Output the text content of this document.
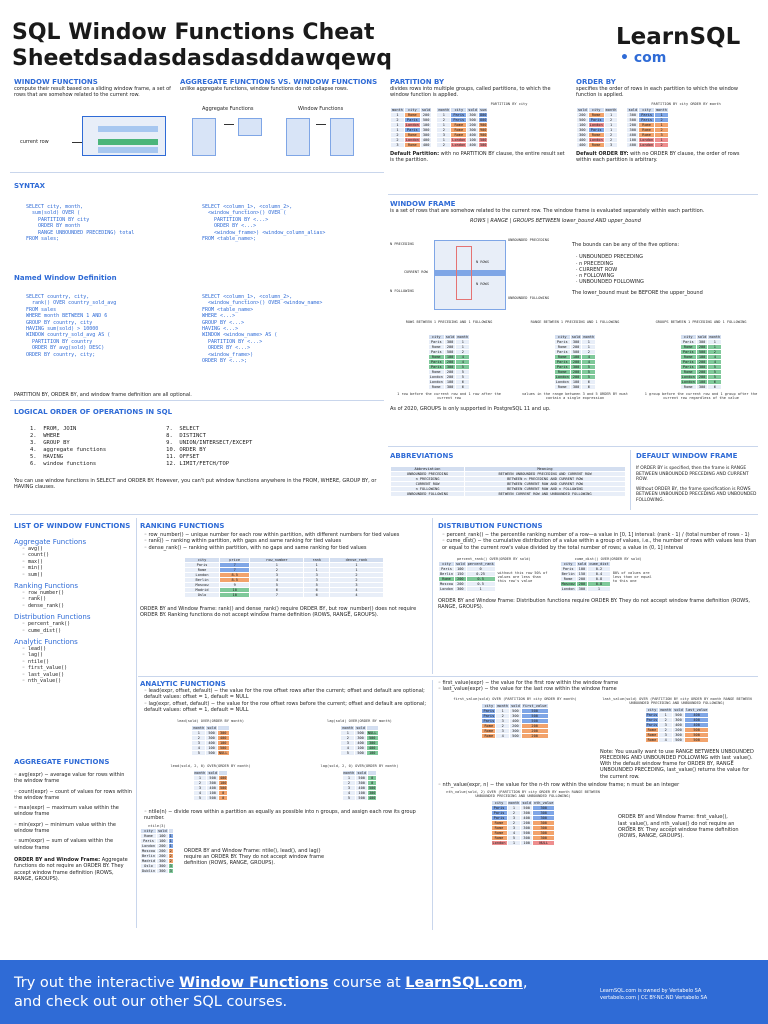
SQL Window Functions Cheat
Sheetdsadasdasdasddawqewq
LearnSQL
• com
WINDOW FUNCTIONS
compute their result based on a sliding window frame, a set of rows that are somehow related to the current row.
current row
AGGREGATE FUNCTIONS VS. WINDOW FUNCTIONS
unlike aggregate functions, window functions do not collapse rows.
Aggregate Functions	Window Functions
PARTITION BY
divides rows into multiple groups, called partitions, to which the window function is applied.
PARTITION BY city
month	city	sold
1	Rome	200
2	Paris	500
1	London	100
1	Paris	300
2	Rome	300
2	London	400
3	Rome	400
month	city	sold	sum
1	Paris	300	800
2	Paris	500	800
1	Rome	200	900
2	Rome	300	900
3	Rome	400	900
1	London	100	500
2	London	400	500
Default Partition: with no PARTITION BY clause, the entire result set is the partition.
ORDER BY
specifies the order of rows in each partition to which the window function is applied.
PARTITION BY city ORDER BY month
sold	city	month
200	Rome	1
500	Paris	2
100	London	1
300	Paris	1
300	Rome	2
400	London	2
400	Rome	3
sold	city	month
300	Paris	1
500	Paris	2
200	Rome	1
300	Rome	2
400	Rome	3
100	London	1
400	London	2
Default ORDER BY: with no ORDER BY clause, the order of rows within each partition is arbitrary.
SYNTAX
SELECT city, month,
sum(sold) OVER (
PARTITION BY city
ORDER BY month
RANGE UNBOUNDED PRECEDING) total
FROM sales;
SELECT <column_1>, <column_2>,
<window_function>() OVER (
PARTITION BY <...>
ORDER BY <...>
<window_frame>) <window_column_alias>
FROM <table_name>;
Named Window Definition
SELECT country, city,
rank() OVER country_sold_avg
FROM sales
WHERE month BETWEEN 1 AND 6
GROUP BY country, city
HAVING sum(sold) > 10000
WINDOW country_sold_avg AS (
PARTITION BY country
ORDER BY avg(sold) DESC)
ORDER BY country, city;
SELECT <column_1>, <column_2>,
<window_function>() OVER <window_name>
FROM <table_name>
WHERE <...>
GROUP BY <...>
HAVING <...>
WINDOW <window_name> AS (
PARTITION BY <...>
ORDER BY <...>
<window_frame>)
ORDER BY <...>;
PARTITION BY, ORDER BY, and window frame definition are all optional.
LOGICAL ORDER OF OPERATIONS IN SQL
1.  FROM, JOIN
2.  WHERE
3.  GROUP BY
4.  aggregate functions
5.  HAVING
6.  window functions
7.  SELECT
8.  DISTINCT
9.  UNION/INTERSECT/EXCEPT
10. ORDER BY
11. OFFSET
12. LIMIT/FETCH/TOP
You can use window functions in SELECT and ORDER BY. However, you can't put window functions anywhere in the FROM, WHERE, GROUP BY, or HAVING clauses.
WINDOW FRAME
is a set of rows that are somehow related to the current row. The window frame is evaluated separately within each partition.
ROWS | RANGE | GROUPS BETWEEN lower_bound AND upper_bound
N PRECEDING
CURRENT ROW
N FOLLOWING
UNBOUNDED PRECEDING
UNBOUNDED FOLLOWING
N ROWS
N ROWS
The bounds can be any of the five options:
· UNBOUNDED PRECEDING
· n PRECEDING
· CURRENT ROW
· n FOLLOWING
· UNBOUNDED FOLLOWING
The lower_bound must be BEFORE the upper_bound
ROWS BETWEEN 1 PRECEDING AND 1 FOLLOWING
city	sold	month
Paris	300	1
Rome	200	1
Paris	500	2
Rome	100	4
Paris	200	4
Paris	300	5
Rome	200	5
London	200	5
London	100	6
Rome	300	6
1 row before the current row and 1 row after the current row
RANGE BETWEEN 1 PRECEDING AND 1 FOLLOWING
city	sold	month
Paris	300	1
Rome	200	1
Paris	500	2
Rome	100	4
Paris	200	4
Paris	300	5
Rome	200	5
London	200	5
London	100	6
Rome	300	6
values in the range between 3 and 5 ORDER BY must contain a single expression
GROUPS BETWEEN 1 PRECEDING AND 1 FOLLOWING
city	sold	month
Paris	300	1
Rome	200	1
Paris	500	2
Rome	100	4
Paris	200	4
Paris	300	5
Rome	200	5
London	200	5
London	100	6
Rome	300	6
1 group before the current row and 1 group after the current row regardless of the value
As of 2020, GROUPS is only supported in PostgreSQL 11 and up.
ABBREVIATIONS
Abbreviation	Meaning
UNBOUNDED PRECEDING	BETWEEN UNBOUNDED PRECEDING AND CURRENT ROW
n PRECEDING	BETWEEN n PRECEDING AND CURRENT ROW
CURRENT ROW	BETWEEN CURRENT ROW AND CURRENT ROW
n FOLLOWING	BETWEEN CURRENT ROW AND n FOLLOWING
UNBOUNDED FOLLOWING	BETWEEN CURRENT ROW AND UNBOUNDED FOLLOWING
DEFAULT WINDOW FRAME
If ORDER BY is specified, then the frame is RANGE BETWEEN UNBOUNDED PRECEDING AND CURRENT ROW.
Without ORDER BY, the frame specification is ROWS BETWEEN UNBOUNDED PRECEDING AND UNBOUNDED FOLLOWING.
LIST OF WINDOW FUNCTIONS
Aggregate Functions
◦ avg()
◦ count()
◦ max()
◦ min()
◦ sum()
Ranking Functions
◦ row_number()
◦ rank()
◦ dense_rank()
Distribution Functions
◦ percent_rank()
◦ cume_dist()
Analytic Functions
◦ lead()
◦ lag()
◦ ntile()
◦ first_value()
◦ last_value()
◦ nth_value()
AGGREGATE FUNCTIONS
◦ avg(expr) − average value for rows within the window frame
◦ count(expr) − count of values for rows within the window frame
◦ max(expr) − maximum value within the window frame
◦ min(expr) − minimum value within the window frame
◦ sum(expr) − sum of values within the window frame
ORDER BY and Window Frame: Aggregate functions do not require an ORDER BY. They accept window frame definition (ROWS, RANGE, GROUPS).
RANKING FUNCTIONS
◦ row_number() − unique number for each row within partition, with different numbers for tied values
◦ rank() − ranking within partition, with gaps and same ranking for tied values
◦ dense_rank() − ranking within partition, with no gaps and same ranking for tied values
city	price	row_number	rank	dense_rank
Paris	7	1	1	1
Rome	7	2	1	1
London	8.5	3	3	2
Berlin	8.5	4	3	2
Moscow	9	5	5	3
Madrid	10	6	6	4
Oslo	10	7	6	4
ORDER BY and Window Frame: rank() and dense_rank() require ORDER BY, but row_number() does not require ORDER BY. Ranking functions do not accept window frame definition (ROWS, RANGE, GROUPS).
DISTRIBUTION FUNCTIONS
◦ percent_rank() − the percentile ranking number of a row—a value in [0, 1] interval: (rank - 1) / (total number of rows - 1)
◦ cume_dist() − the cumulative distribution of a value within a group of values, i.e., the number of rows with values less than or equal to the current row's value divided by the total number of rows; a value in (0, 1] interval
percent_rank() OVER(ORDER BY sold)
city	sold	percent_rank
Paris	100	0
Berlin	150	0.25
Rome	200	0.5
Moscow	200	0.5
London	300	1
without this row 50% of values are less than this row's value
cume_dist() OVER(ORDER BY sold)
city	sold	cume_dist
Paris	100	0.2
Berlin	150	0.4
Rome	200	0.8
Moscow	200	0.8
London	300	1
80% of values are less than or equal to this one
ORDER BY and Window Frame: Distribution functions require ORDER BY. They do not accept window frame definition (ROWS, RANGE, GROUPS).
ANALYTIC FUNCTIONS
◦ lead(expr, offset, default) − the value for the row offset rows after the current; offset and default are optional; default values: offset = 1, default = NULL
◦ lag(expr, offset, default) − the value for the row offset rows before the current; offset and default are optional; default values: offset = 1, default = NULL
lead(sold) OVER(ORDER BY month)
month	sold	
1	500	300
2	300	400
3	400	100
4	100	500
5	500	NULL
lag(sold) OVER(ORDER BY month)
month	sold	
1	500	NULL
2	300	500
3	400	300
4	100	400
5	500	100
lead(sold, 2, 0) OVER(ORDER BY month)
month	sold	
1	500	400
2	300	100
3	400	500
4	100	0
5	500	0
lag(sold, 2, 0) OVER(ORDER BY month)
month	sold	
1	500	0
2	300	0
3	400	500
4	100	300
5	500	400
◦ ntile(n) − divide rows within a partition as equally as possible into n groups, and assign each row its group number.
ntile(3)
city	sold	
Rome	100	1
Paris	100	1
London	200	1
Moscow	200	2
Berlin	200	2
Madrid	300	2
Oslo	300	3
Dublin	300	3
ORDER BY and Window Frame: ntile(), lead(), and lag() require an ORDER BY. They do not accept window frame definition (ROWS, RANGE, GROUPS).
◦ first_value(expr) − the value for the first row within the window frame
◦ last_value(expr) − the value for the last row within the window frame
first_value(sold) OVER (PARTITION BY city ORDER BY month)
city	month	sold	first_value
Paris	1	500	500
Paris	2	300	500
Paris	3	400	500
Rome	2	200	200
Rome	3	300	200
Rome	4	500	200
last_value(sold) OVER (PARTITION BY city ORDER BY month RANGE BETWEEN UNBOUNDED PRECEDING AND UNBOUNDED FOLLOWING)
city	month	sold	last_value
Paris	1	500	400
Paris	2	300	400
Paris	3	400	400
Rome	2	200	500
Rome	3	300	500
Rome	4	500	500
Note: You usually want to use RANGE BETWEEN UNBOUNDED PRECEDING AND UNBOUNDED FOLLOWING with last_value(). With the default window frame for ORDER BY, RANGE UNBOUNDED PRECEDING, last_value() returns the value for the current row.
◦ nth_value(expr, n) − the value for the n-th row within the window frame; n must be an integer
nth_value(sold, 2) OVER (PARTITION BY city ORDER BY month RANGE BETWEEN UNBOUNDED PRECEDING AND UNBOUNDED FOLLOWING)
city	month	sold	nth_value
Paris	1	500	300
Paris	2	300	300
Paris	3	400	300
Rome	2	200	300
Rome	3	300	300
Rome	4	500	300
Rome	5	300	300
London	1	100	NULL
ORDER BY and Window Frame: first_value(), last_value(), and nth_value() do not require an ORDER BY. They accept window frame definition (ROWS, RANGE, GROUPS).
Try out the interactive Window Functions course at LearnSQL.com,
and check out our other SQL courses.
LearnSQL.com is owned by Vertabelo SA
vertabelo.com | CC BY-NC-ND Vertabelo SA
